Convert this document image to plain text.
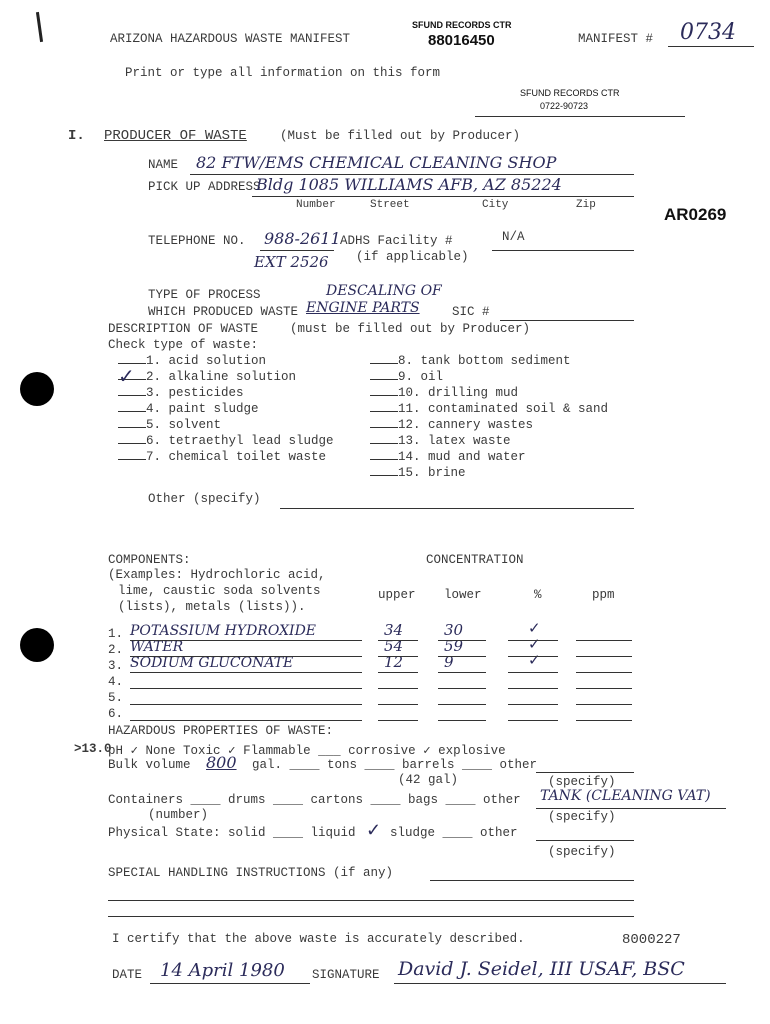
ARIZONA HAZARDOUS WASTE MANIFEST
SFUND RECORDS CTR
88016450	MANIFEST # 0734
Print or type all information on this form
SFUND RECORDS CTR
0722-90723
AR0269
I. PRODUCER OF WASTE	(Must be filled out by Producer)
NAME 82 FTW/EMS CHEMICAL CLEANING SHOP
PICK UP ADDRESS
Bldg 1085 WILLIAMS AFB, AZ 85224
Number	Street	City	Zip
TELEPHONE NO. 988-2611 ADHS Facility #	N/A
EXT 2526 (if applicable)
TYPE OF PROCESS	DESCALING OF
WHICH PRODUCED WASTE ENGINE PARTS	SIC #
DESCRIPTION OF WASTE	(must be filled out by Producer)
Check type of waste:
1. acid solution
2. alkaline solution
3. pesticides
4. paint sludge
5. solvent
6. tetraethyl lead sludge
7. chemical toilet waste
✓
8. tank bottom sediment
9. oil
10. drilling mud
11. contaminated soil & sand
12. cannery wastes
13. latex waste
14. mud and water
15. brine
Other (specify)
COMPONENTS:	CONCENTRATION
(Examples: Hydrochloric acid,
lime, caustic soda solvents
(lists), metals (lists)).
upper lower	%	ppm
1. POTASSIUM HYDROXIDE	34	30	✓
2. WATER	54	59	✓
3. SODIUM GLUCONATE	12	9	✓
4.
5.
6.
HAZARDOUS PROPERTIES OF WASTE:
>13.0
pH ✓ None Toxic ✓ Flammable ___ corrosive ✓ explosive
Bulk volume 800 gal. ____ tons ____ barrels ____ other
(42 gal)	(specify)
Containers ____ drums ____ cartons ____ bags ____ other TANK (CLEANING VAT)
(number)	(specify)
Physical State: solid ____ liquid ✓ sludge ____ other
(specify)
SPECIAL HANDLING INSTRUCTIONS (if any)
I certify that the above waste is accurately described.	8000227
DATE 14 April 1980 SIGNATURE David J. Seidel, III USAF, BSC
